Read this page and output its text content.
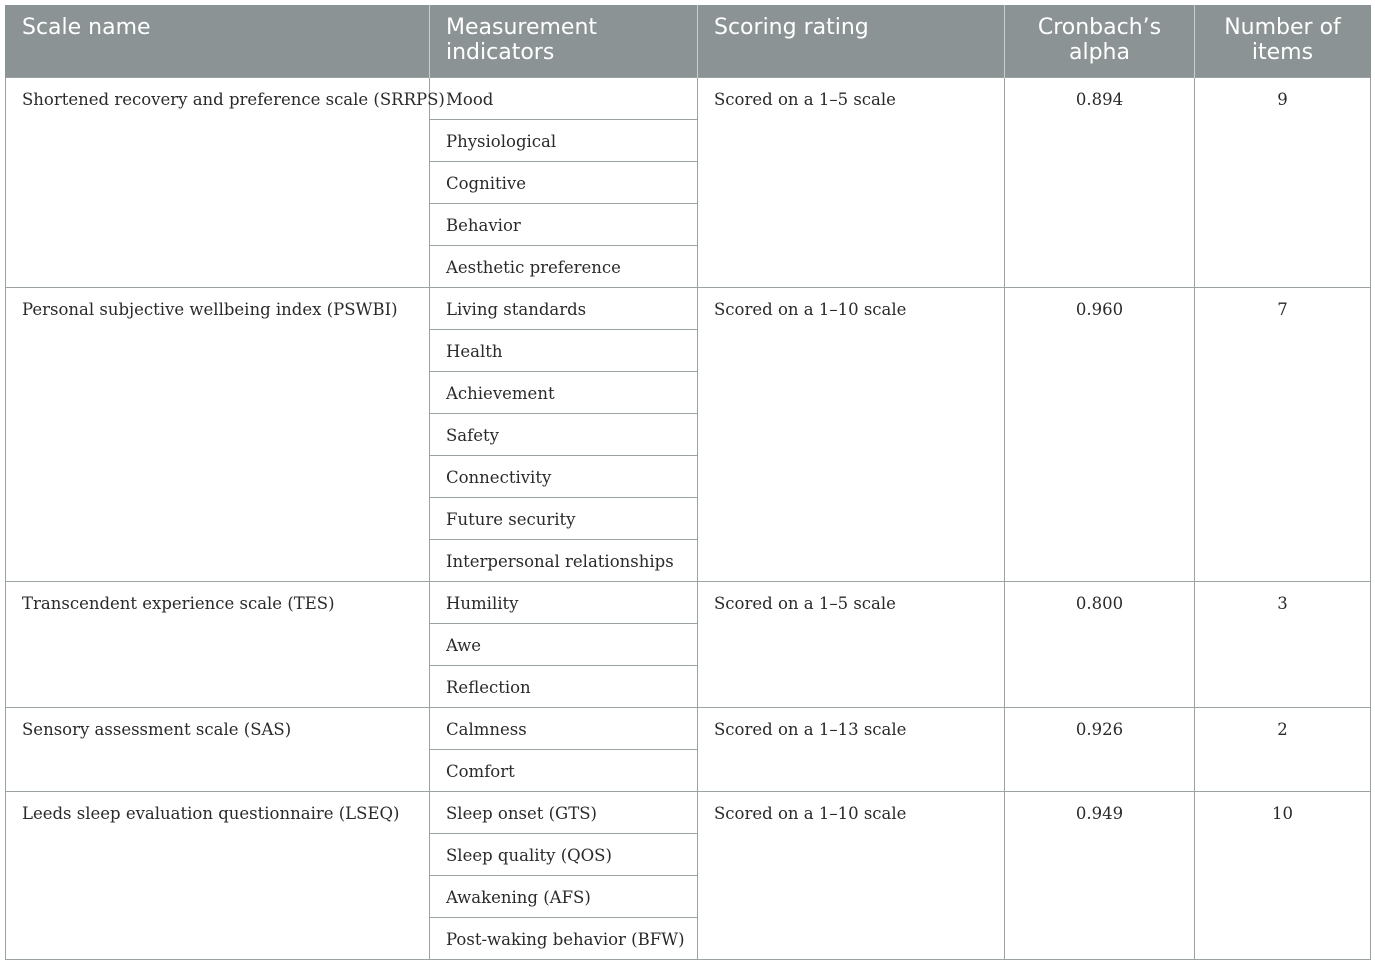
Scale name	Measurement indicators	Scoring rating	Cronbach’s alpha	Number of items
Shortened recovery and preference scale (SRRPS)	Mood	Scored on a 1–5 scale	0.894	9
	Physiological			
	Cognitive			
	Behavior			
	Aesthetic preference			
Personal subjective wellbeing index (PSWBI)	Living standards	Scored on a 1–10 scale	0.960	7
	Health			
	Achievement			
	Safety			
	Connectivity			
	Future security			
	Interpersonal relationships			
Transcendent experience scale (TES)	Humility	Scored on a 1–5 scale	0.800	3
	Awe			
	Reflection			
Sensory assessment scale (SAS)	Calmness	Scored on a 1–13 scale	0.926	2
	Comfort			
Leeds sleep evaluation questionnaire (LSEQ)	Sleep onset (GTS)	Scored on a 1–10 scale	0.949	10
	Sleep quality (QOS)			
	Awakening (AFS)			
	Post-waking behavior (BFW)			
